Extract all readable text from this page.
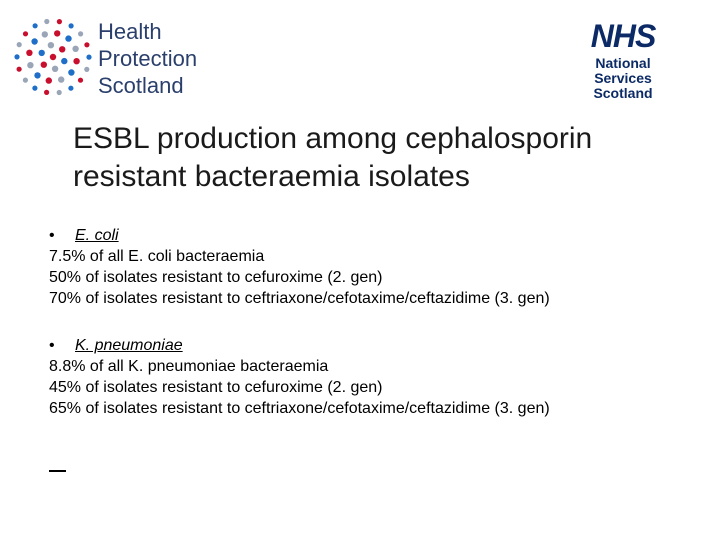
Health
Protection
Scotland
NHS
National
Services
Scotland
ESBL production among cephalosporin
resistant bacteraemia isolates
• E. coli
7.5% of all E. coli bacteraemia
50% of isolates resistant to cefuroxime (2. gen)
70% of isolates resistant to ceftriaxone/cefotaxime/ceftazidime (3. gen)
• K. pneumoniae
8.8% of all K. pneumoniae bacteraemia
45% of isolates resistant to cefuroxime (2. gen)
65% of isolates resistant to ceftriaxone/cefotaxime/ceftazidime (3. gen)
